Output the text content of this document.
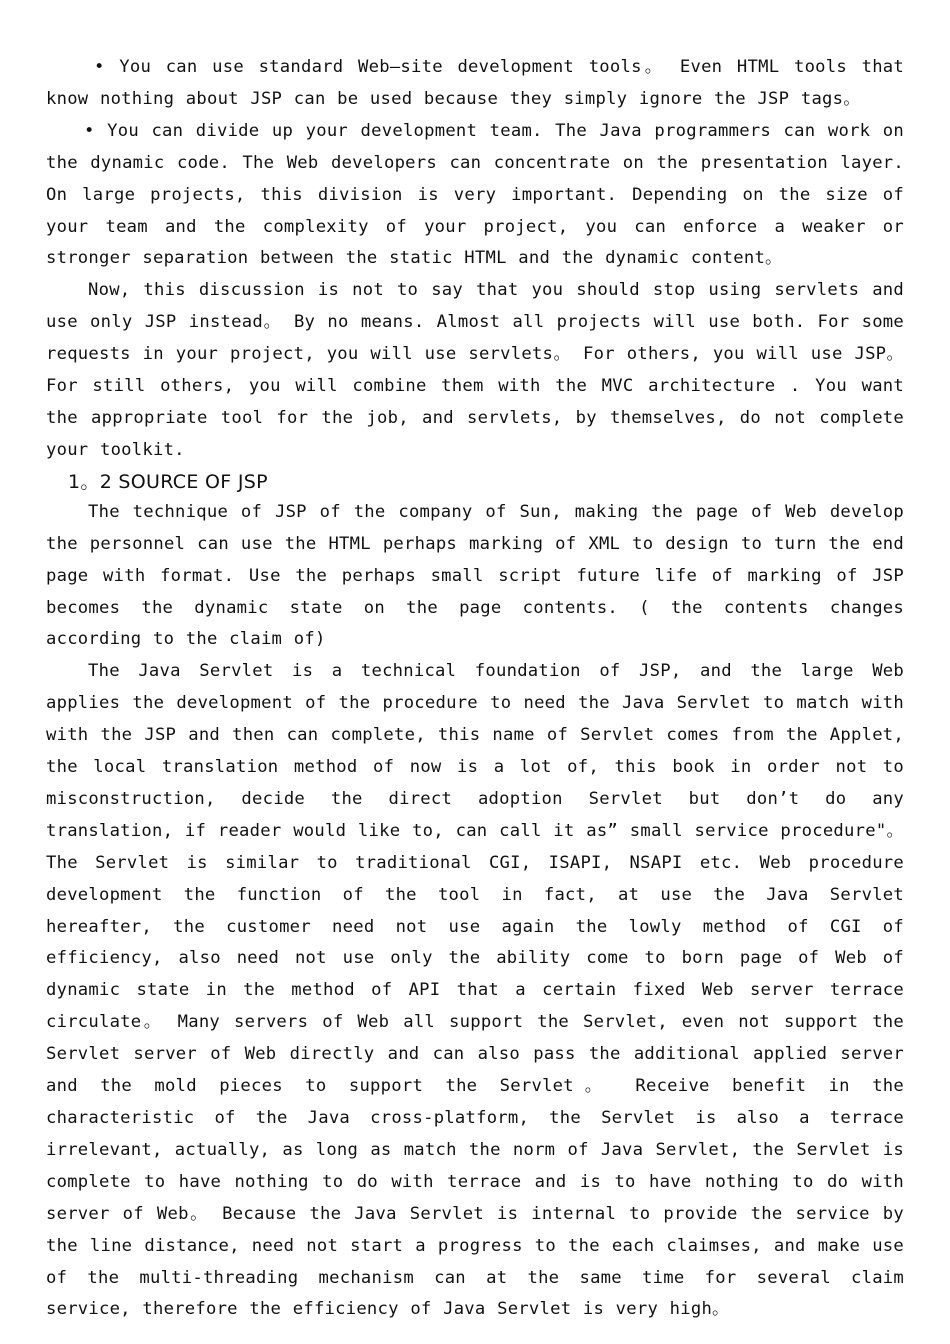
• You can use standard Web—site development tools。 Even HTML tools that know nothing about JSP can be used because they simply ignore the JSP tags。

• You can divide up your development team. The Java programmers can work on the dynamic code. The Web developers can concentrate on the presentation layer. On large projects, this division is very important. Depending on the size of your team and the complexity of your project, you can enforce a weaker or stronger separation between the static HTML and the dynamic content。

Now, this discussion is not to say that you should stop using servlets and use only JSP instead。 By no means. Almost all projects will use both. For some requests in your project, you will use servlets。 For others, you will use JSP。 For still others, you will combine them with the MVC architecture . You want the appropriate tool for the job, and servlets, by themselves, do not complete your toolkit.

1。2 SOURCE OF JSP

The technique of JSP of the company of Sun, making the page of Web develop the personnel can use the HTML perhaps marking of XML to design to turn the end page with format. Use the perhaps small script future life of marking of JSP becomes the dynamic state on the page contents. ( the contents changes according to the claim of)

The Java Servlet is a technical foundation of JSP, and the large Web applies the development of the procedure to need the Java Servlet to match with with the JSP and then can complete, this name of Servlet comes from the Applet, the local translation method of now is a lot of, this book in order not to misconstruction, decide the direct adoption Servlet but don’t do any translation, if reader would like to, can call it as” small service procedure"。 The Servlet is similar to traditional CGI, ISAPI, NSAPI etc. Web procedure development the function of the tool in fact, at use the Java Servlet hereafter, the customer need not use again the lowly method of CGI of efficiency, also need not use only the ability come to born page of Web of dynamic state in the method of API that a certain fixed Web server terrace circulate。 Many servers of Web all support the Servlet, even not support the Servlet server of Web directly and can also pass the additional applied server and the mold pieces to support the Servlet。 Receive benefit in the characteristic of the Java cross-platform, the Servlet is also a terrace irrelevant, actually, as long as match the norm of Java Servlet, the Servlet is complete to have nothing to do with terrace and is to have nothing to do with server of Web。 Because the Java Servlet is internal to provide the service by the line distance, need not start a progress to the each claimses, and make use of the multi-threading mechanism can at the same time for several claim service, therefore the efficiency of Java Servlet is very high。
